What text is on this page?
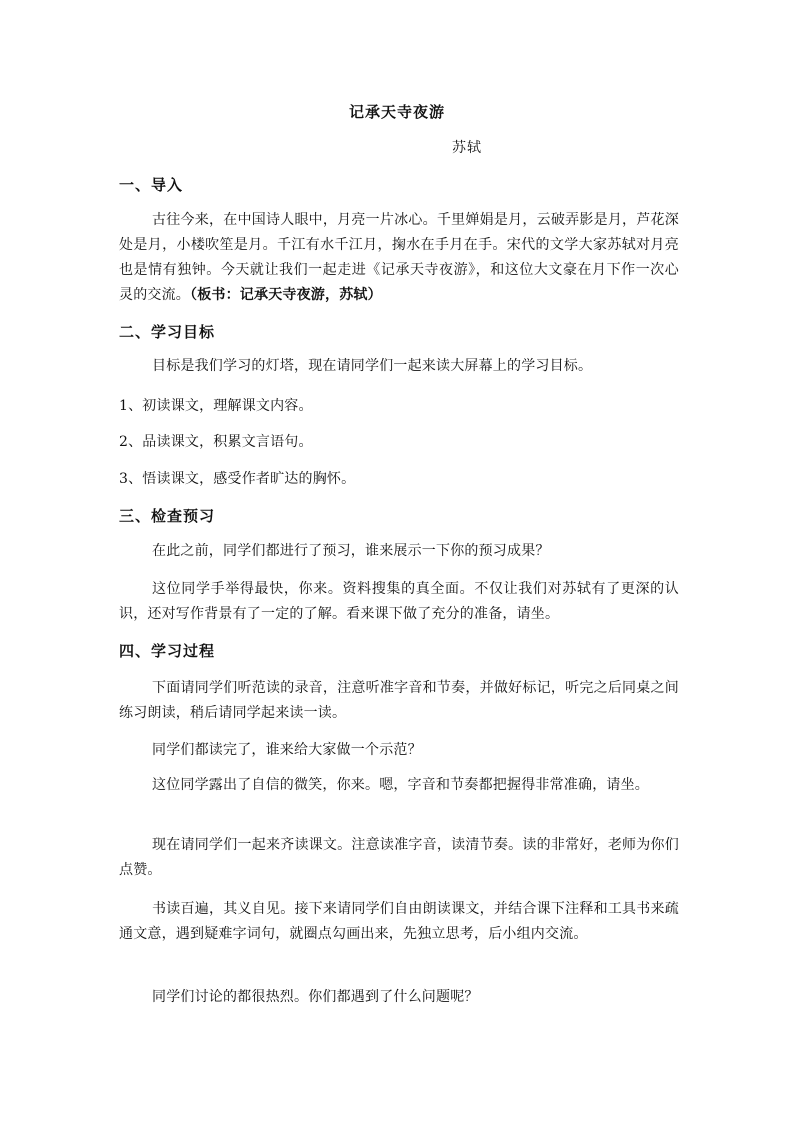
记承天寺夜游
苏轼
一、导入
古往今来，在中国诗人眼中，月亮一片冰心。千里婵娟是月，云破弄影是月，芦花深处是月，小楼吹笙是月。千江有水千江月，掬水在手月在手。宋代的文学大家苏轼对月亮也是情有独钟。今天就让我们一起走进《记承天寺夜游》，和这位大文豪在月下作一次心灵的交流。（板书：记承天寺夜游，苏轼）
二、学习目标
目标是我们学习的灯塔，现在请同学们一起来读大屏幕上的学习目标。
1、初读课文，理解课文内容。
2、品读课文，积累文言语句。
3、悟读课文，感受作者旷达的胸怀。
三、检查预习
在此之前，同学们都进行了预习，谁来展示一下你的预习成果？
这位同学手举得最快，你来。资料搜集的真全面。不仅让我们对苏轼有了更深的认识，还对写作背景有了一定的了解。看来课下做了充分的准备，请坐。
四、学习过程
下面请同学们听范读的录音，注意听准字音和节奏，并做好标记，听完之后同桌之间练习朗读，稍后请同学起来读一读。
同学们都读完了，谁来给大家做一个示范？
这位同学露出了自信的微笑，你来。嗯，字音和节奏都把握得非常准确，请坐。
现在请同学们一起来齐读课文。注意读准字音，读清节奏。读的非常好，老师为你们点赞。
书读百遍，其义自见。接下来请同学们自由朗读课文，并结合课下注释和工具书来疏通文意，遇到疑难字词句，就圈点勾画出来，先独立思考，后小组内交流。
同学们讨论的都很热烈。你们都遇到了什么问题呢？
